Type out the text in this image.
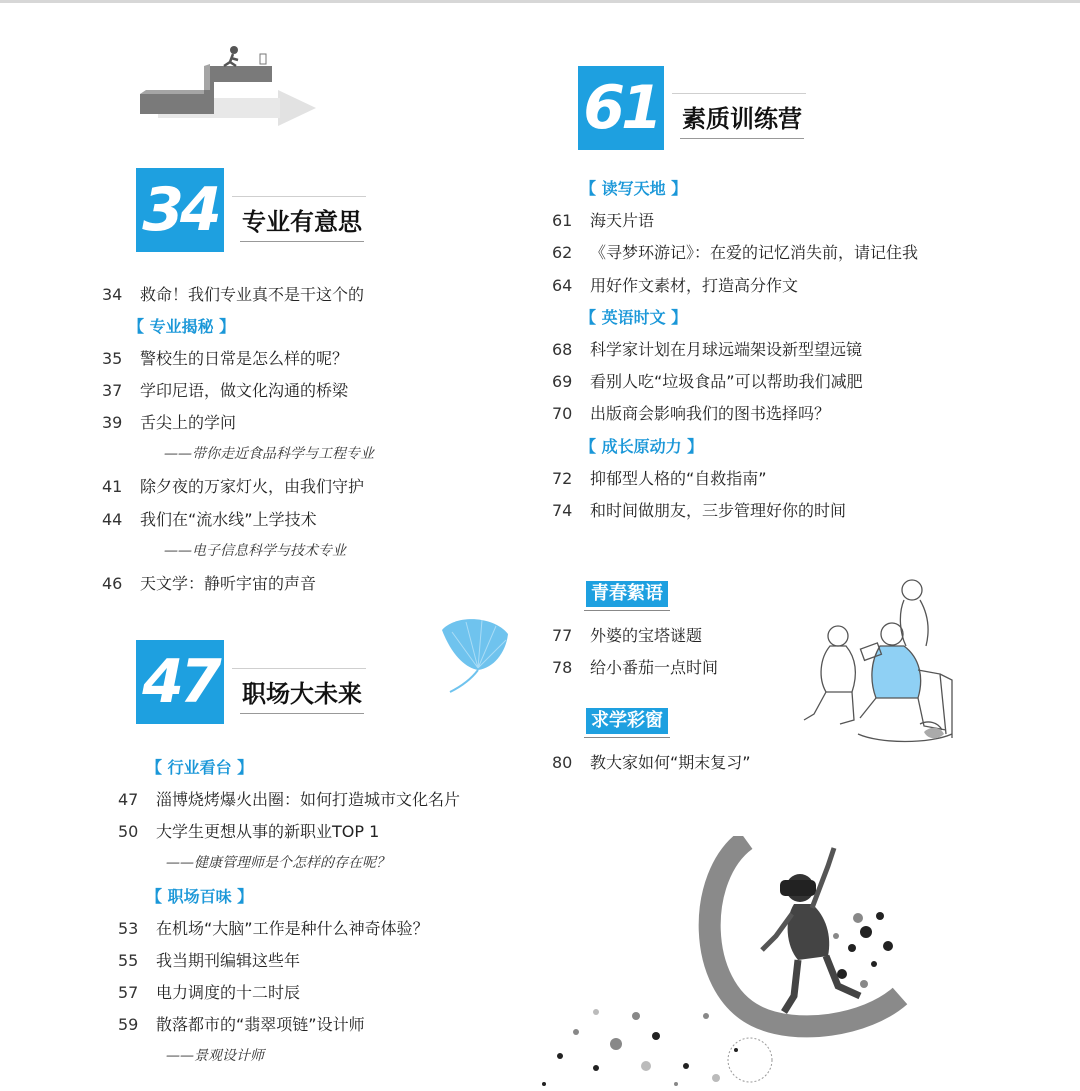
34 专业有意思
34 救命！我们专业真不是干这个的
【 专业揭秘 】
35 警校生的日常是怎么样的呢？
37 学印尼语，做文化沟通的桥梁
39 舌尖上的学问
——带你走近食品科学与工程专业
41 除夕夜的万家灯火，由我们守护
44 我们在“流水线”上学技术
——电子信息科学与技术专业
46 天文学：静听宇宙的声音
47 职场大未来
【 行业看台 】
47 淄博烧烤爆火出圈：如何打造城市文化名片
50 大学生更想从事的新职业TOP 1
——健康管理师是个怎样的存在呢？
【 职场百味 】
53 在机场“大脑”工作是种什么神奇体验？
55 我当期刊编辑这些年
57 电力调度的十二时辰
59 散落都市的“翡翠项链”设计师
——景观设计师
61 素质训练营
【 读写天地 】
61 海天片语
62 《寻梦环游记》：在爱的记忆消失前，请记住我
64 用好作文素材，打造高分作文
【 英语时文 】
68 科学家计划在月球远端架设新型望远镜
69 看别人吃“垃圾食品”可以帮助我们减肥
70 出版商会影响我们的图书选择吗？
【 成长原动力 】
72 抑郁型人格的“自救指南”
74 和时间做朋友，三步管理好你的时间
青春絮语
77 外婆的宝塔谜题
78 给小番茄一点时间
求学彩窗
80 教大家如何“期末复习”
